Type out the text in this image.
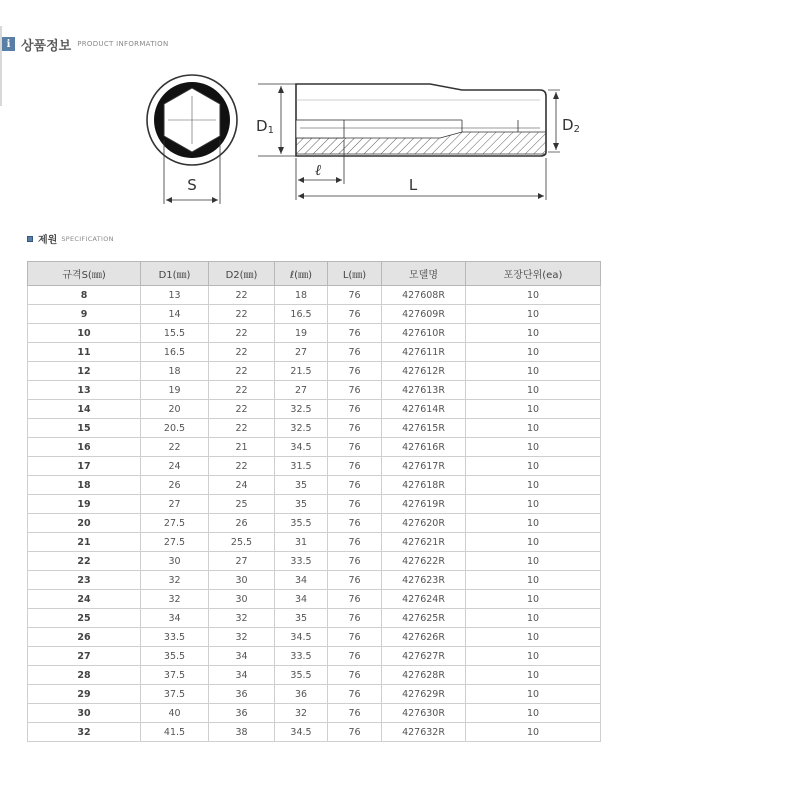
i 상품정보 PRODUCT INFORMATION
S
D1	D2
ℓ
L
제원 SPECIFICATION
규격S(㎜)	D1(㎜)	D2(㎜)	ℓ(㎜)	L(㎜)	모델명	포장단위(ea)
8	13	22	18	76	427608R	10
9	14	22	16.5	76	427609R	10
10	15.5	22	19	76	427610R	10
11	16.5	22	27	76	427611R	10
12	18	22	21.5	76	427612R	10
13	19	22	27	76	427613R	10
14	20	22	32.5	76	427614R	10
15	20.5	22	32.5	76	427615R	10
16	22	21	34.5	76	427616R	10
17	24	22	31.5	76	427617R	10
18	26	24	35	76	427618R	10
19	27	25	35	76	427619R	10
20	27.5	26	35.5	76	427620R	10
21	27.5	25.5	31	76	427621R	10
22	30	27	33.5	76	427622R	10
23	32	30	34	76	427623R	10
24	32	30	34	76	427624R	10
25	34	32	35	76	427625R	10
26	33.5	32	34.5	76	427626R	10
27	35.5	34	33.5	76	427627R	10
28	37.5	34	35.5	76	427628R	10
29	37.5	36	36	76	427629R	10
30	40	36	32	76	427630R	10
32	41.5	38	34.5	76	427632R	10
